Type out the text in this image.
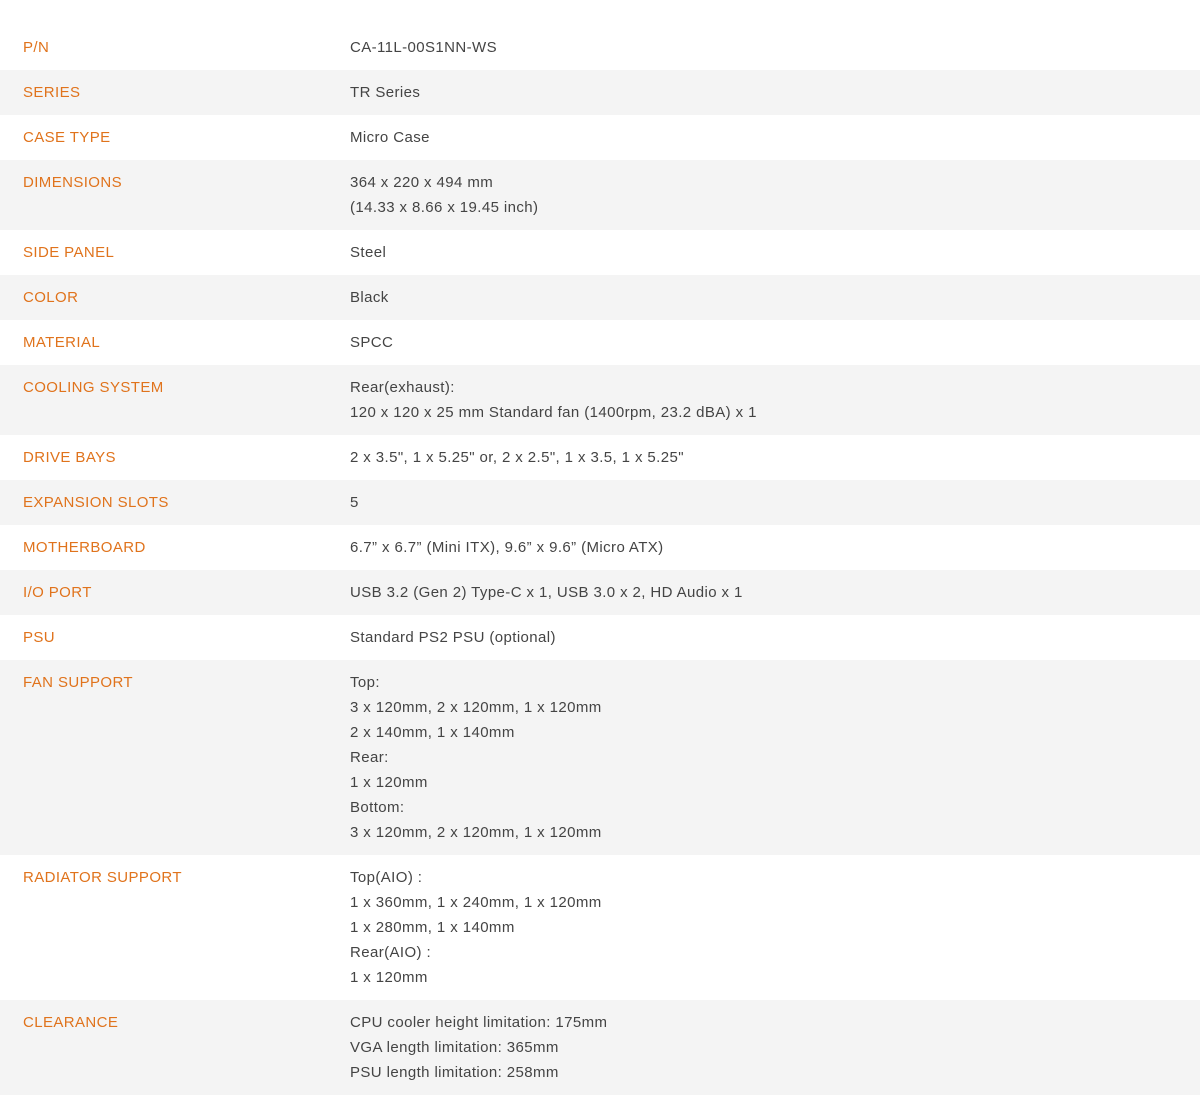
P/N	CA-11L-00S1NN-WS
SERIES	TR Series
CASE TYPE	Micro Case
DIMENSIONS	364 x 220 x 494 mm
(14.33 x 8.66 x 19.45 inch)
SIDE PANEL	Steel
COLOR	Black
MATERIAL	SPCC
COOLING SYSTEM	Rear(exhaust):
120 x 120 x 25 mm Standard fan (1400rpm, 23.2 dBA) x 1
DRIVE BAYS	2 x 3.5", 1 x 5.25" or, 2 x 2.5", 1 x 3.5, 1 x 5.25"
EXPANSION SLOTS	5
MOTHERBOARD	6.7” x 6.7” (Mini ITX), 9.6” x 9.6” (Micro ATX)
I/O PORT	USB 3.2 (Gen 2) Type-C x 1, USB 3.0 x 2, HD Audio x 1
PSU	Standard PS2 PSU (optional)
FAN SUPPORT	Top:
3 x 120mm, 2 x 120mm, 1 x 120mm
2 x 140mm, 1 x 140mm
Rear:
1 x 120mm
Bottom:
3 x 120mm, 2 x 120mm, 1 x 120mm
RADIATOR SUPPORT	Top(AIO) :
1 x 360mm, 1 x 240mm, 1 x 120mm
1 x 280mm, 1 x 140mm
Rear(AIO) :
1 x 120mm
CLEARANCE	CPU cooler height limitation: 175mm
VGA length limitation: 365mm
PSU length limitation: 258mm
